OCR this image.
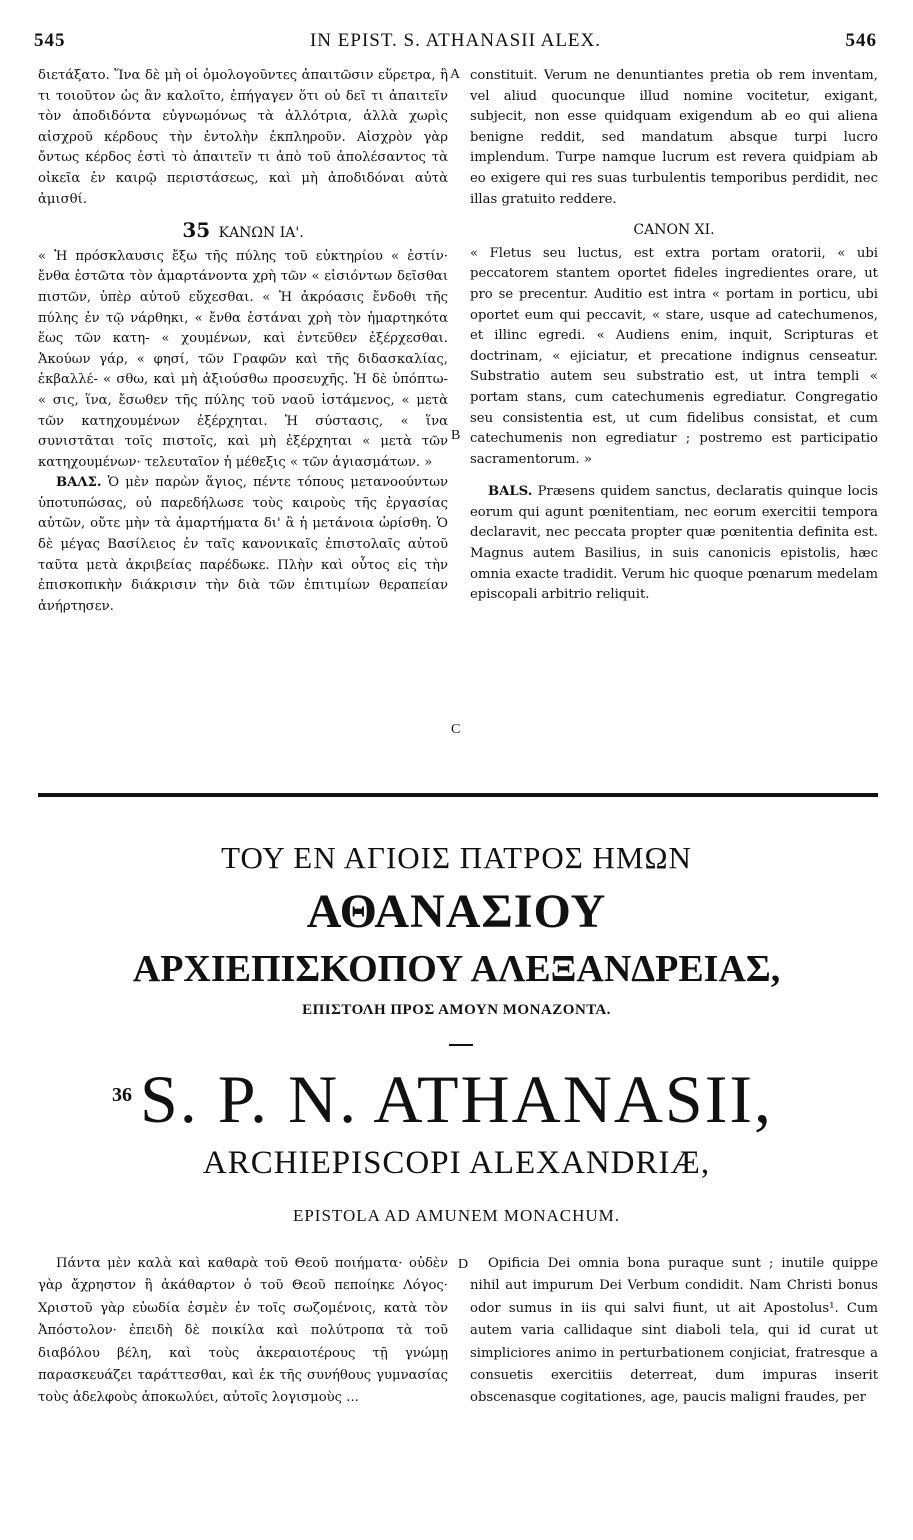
545	IN EPIST. S. ATHANASII ALEX.	546

διετάξατο. Ἵνα δὲ μὴ οἱ ὁμολογοῦντες ἀπαιτῶσιν εὕρετρα, ἢ τι τοιοῦτον ὡς ἂν καλοῖτο, ἐπήγαγεν ὅτι οὐ δεῖ τι ἀπαιτεῖν τὸν ἀποδιδόντα εὐγνωμόνως τὰ ἀλλότρια, ἀλλὰ χωρὶς αἰσχροῦ κέρδους τὴν ἐντολὴν ἐκπληροῦν. Αἰσχρὸν γὰρ ὄντως κέρδος ἐστὶ τὸ ἀπαιτεῖν τι ἀπὸ τοῦ ἀπολέσαντος τὰ οἰκεῖα ἐν καιρῷ περιστάσεως, καὶ μὴ ἀποδιδόναι αὐτὰ ἀμισθί.

35 ΚΑΝΩΝ ΙΑ'.

« Ἡ πρόσκλαυσις ἔξω τῆς πύλης τοῦ εὐκτηρίου « ἐστίν· ἔνθα ἑστῶτα τὸν ἁμαρτάνοντα χρὴ τῶν « εἰσιόντων δεῖσθαι πιστῶν, ὑπὲρ αὐτοῦ εὔχεσθαι. « Ἡ ἀκρόασις ἔνδοθι τῆς πύλης ἐν τῷ νάρθηκι, « ἔνθα ἑστάναι χρὴ τὸν ἡμαρτηκότα ἕως τῶν κατη- « χουμένων, καὶ ἐντεῦθεν ἐξέρχεσθαι. Ἀκούων γάρ, « φησί, τῶν Γραφῶν καὶ τῆς διδασκαλίας, ἐκβαλλέ- « σθω, καὶ μὴ ἀξιούσθω προσευχῆς. Ἡ δὲ ὑπόπτω- « σις, ἵνα, ἔσωθεν τῆς πύλης τοῦ ναοῦ ἱστάμενος, « μετὰ τῶν κατηχουμένων ἐξέρχηται. Ἡ σύστασις, « ἵνα συνιστᾶται τοῖς πιστοῖς, καὶ μὴ ἐξέρχηται « μετὰ τῶν κατηχουμένων· τελευταῖον ἡ μέθεξις « τῶν ἁγιασμάτων. »

ΒΑΛΣ. Ὁ μὲν παρὼν ἅγιος, πέντε τόπους μετανοούντων ὑποτυπώσας, οὐ παρεδήλωσε τοὺς καιροὺς τῆς ἐργασίας αὐτῶν, οὔτε μὴν τὰ ἁμαρτήματα δι' ἃ ἡ μετάνοια ὡρίσθη. Ὁ δὲ μέγας Βασίλειος ἐν ταῖς κανονικαῖς ἐπιστολαῖς αὐτοῦ ταῦτα μετὰ ἀκριβείας παρέδωκε. Πλὴν καὶ οὗτος εἰς τὴν ἐπισκοπικὴν διάκρισιν τὴν διὰ τῶν ἐπιτιμίων θεραπείαν ἀνήρτησεν.

constituit. Verum ne denuntiantes pretia ob rem inventam, vel aliud quocunque illud nomine vocitetur, exigant, subjecit, non esse quidquam exigendum ab eo qui aliena benigne reddit, sed mandatum absque turpi lucro implendum. Turpe namque lucrum est revera quidpiam ab eo exigere qui res suas turbulentis temporibus perdidit, nec illas gratuito reddere.

CANON XI.

« Fletus seu luctus, est extra portam oratorii, « ubi peccatorem stantem oportet fideles ingredientes orare, ut pro se precentur. Auditio est intra « portam in porticu, ubi oportet eum qui peccavit, « stare, usque ad catechumenos, et illinc egredi. « Audiens enim, inquit, Scripturas et doctrinam, « ejiciatur, et precatione indignus censeatur. Substratio autem seu substratio est, ut intra templi « portam stans, cum catechumenis egrediatur. Congregatio seu consistentia est, ut cum fidelibus consistat, et cum catechumenis non egrediatur ; postremo est participatio sacramentorum. »

BALS. Præsens quidem sanctus, declaratis quinque locis eorum qui agunt pœnitentiam, nec eorum exercitii tempora declaravit, nec peccata propter quæ pœnitentia definita est. Magnus autem Basilius, in suis canonicis epistolis, hæc omnia exacte tradidit. Verum hic quoque pœnarum medelam episcopali arbitrio reliquit.

A
B
C
D
ΤΟΥ ΕΝ ΑΓΙΟΙΣ ΠΑΤΡΟΣ ΗΜΩΝ
ΑΘΑΝΑΣΙΟΥ
ΑΡΧΙΕΠΙΣΚΟΠΟΥ ΑΛΕΞΑΝΔΡΕΙΑΣ,
ΕΠΙΣΤΟΛΗ ΠΡΟΣ ΑΜΟΥΝ ΜΟΝΑΖΟΝΤΑ.
36 S. P. N. ATHANASII,
ARCHIEPISCOPI ALEXANDRIÆ,
EPISTOLA AD AMUNEM MONACHUM.

Πάντα μὲν καλὰ καὶ καθαρὰ τοῦ Θεοῦ ποιήματα· οὐδὲν γὰρ ἄχρηστον ἢ ἀκάθαρτον ὁ τοῦ Θεοῦ πεποίηκε Λόγος· Χριστοῦ γὰρ εὐωδία ἐσμὲν ἐν τοῖς σωζομένοις, κατὰ τὸν Ἀπόστολον· ἐπειδὴ δὲ ποικίλα καὶ πολύτροπα τὰ τοῦ διαβόλου βέλη, καὶ τοὺς ἀκεραιοτέρους τῇ γνώμῃ παρασκευάζει ταράττεσθαι, καὶ ἐκ τῆς συνήθους γυμνασίας τοὺς ἀδελφοὺς ἀποκωλύει, αὐτοῖς λογισμοὺς ...

Opificia Dei omnia bona puraque sunt ; inutile quippe nihil aut impurum Dei Verbum condidit. Nam Christi bonus odor sumus in iis qui salvi fiunt, ut ait Apostolus¹. Cum autem varia callidaque sint diaboli tela, qui id curat ut simpliciores animo in perturbationem conjiciat, fratresque a consuetis exercitiis deterreat, dum impuras inserit obscenasque cogitationes, age, paucis maligni fraudes, per
